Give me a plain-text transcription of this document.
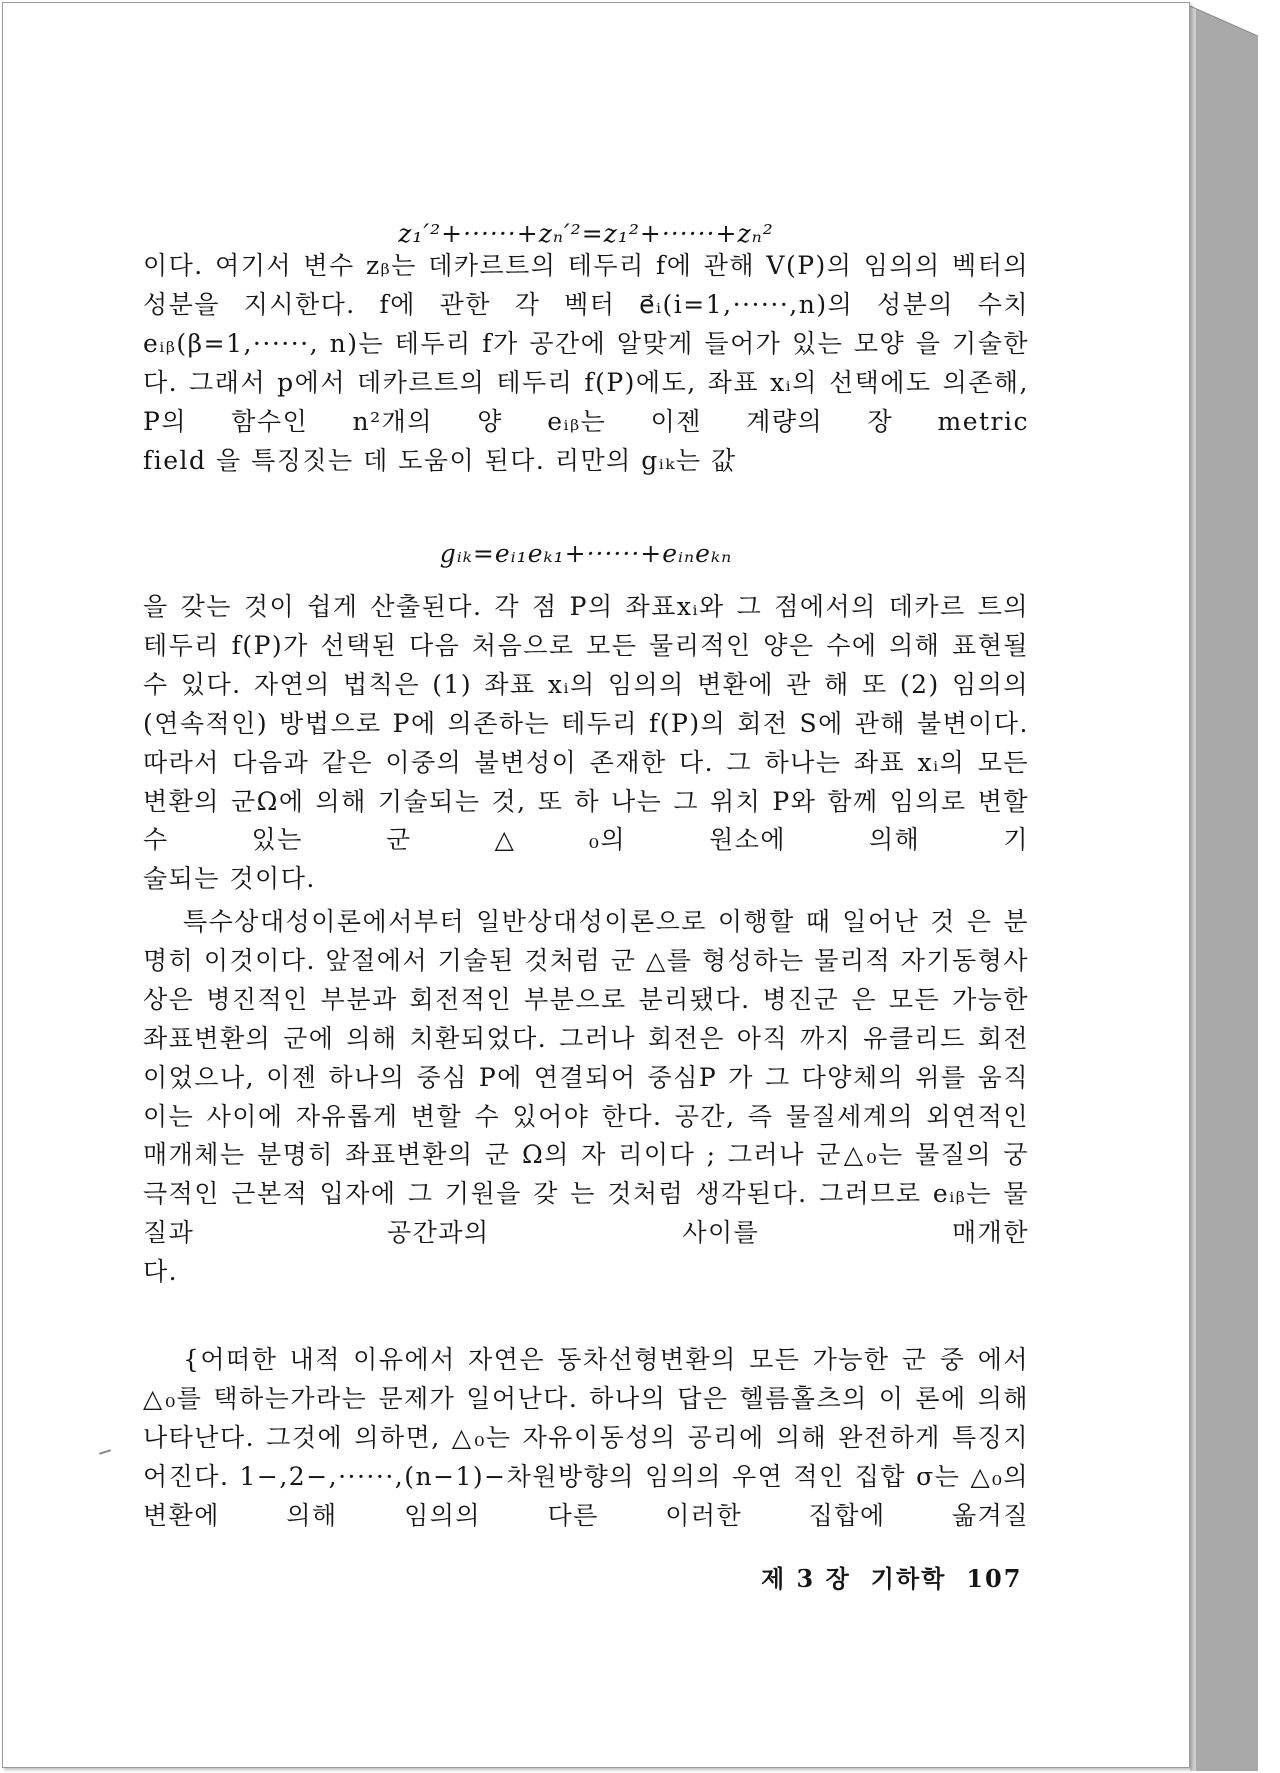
z₁′²+······+zₙ′²=z₁²+······+zₙ²

이다. 여기서 변수 zᵦ는 데카르트의 테두리 f에 관해 V(P)의 임의의 벡터의 성분을 지시한다. f에 관한 각 벡터 e⃗ᵢ(i=1,······,n)의 성분의 수치 eᵢᵦ(β=1,······, n)는 테두리 f가 공간에 알맞게 들어가 있는 모양 을 기술한다. 그래서 p에서 데카르트의 테두리 f(P)에도, 좌표 xᵢ의 선택에도 의존해, P의 함수인 n²개의 양 eᵢᵦ는 이젠 계량의 장 metric
field 을 특징짓는 데 도움이 된다. 리만의 gᵢₖ는 값

gᵢₖ=eᵢ₁eₖ₁+······+eᵢₙeₖₙ

을 갖는 것이 쉽게 산출된다. 각 점 P의 좌표xᵢ와 그 점에서의 데카르 트의 테두리 f(P)가 선택된 다음 처음으로 모든 물리적인 양은 수에 의해 표현될 수 있다. 자연의 법칙은 (1) 좌표 xᵢ의 임의의 변환에 관 해 또 (2) 임의의 (연속적인) 방법으로 P에 의존하는 테두리 f(P)의 회전 S에 관해 불변이다. 따라서 다음과 같은 이중의 불변성이 존재한 다. 그 하나는 좌표 xᵢ의 모든 변환의 군Ω에 의해 기술되는 것, 또 하 나는 그 위치 P와 함께 임의로 변할 수 있는 군 △₀의 원소에 의해 기
술되는 것이다.

특수상대성이론에서부터 일반상대성이론으로 이행할 때 일어난 것 은 분명히 이것이다. 앞절에서 기술된 것처럼 군 △를 형성하는 물리적 자기동형사상은 병진적인 부분과 회전적인 부분으로 분리됐다. 병진군 은 모든 가능한 좌표변환의 군에 의해 치환되었다. 그러나 회전은 아직 까지 유클리드 회전이었으나, 이젠 하나의 중심 P에 연결되어 중심P 가 그 다양체의 위를 움직이는 사이에 자유롭게 변할 수 있어야 한다. 공간, 즉 물질세계의 외연적인 매개체는 분명히 좌표변환의 군 Ω의 자 리이다 ; 그러나 군△₀는 물질의 궁극적인 근본적 입자에 그 기원을 갖 는 것처럼 생각된다. 그러므로 eᵢᵦ는 물질과 공간과의 사이를 매개한
다.

{어떠한 내적 이유에서 자연은 동차선형변환의 모든 가능한 군 중 에서 △₀를 택하는가라는 문제가 일어난다. 하나의 답은 헬름홀츠의 이 론에 의해 나타난다. 그것에 의하면, △₀는 자유이동성의 공리에 의해 완전하게 특징지어진다. 1−,2−,······,(n−1)−차원방향의 임의의 우연 적인 집합 σ는 △₀의 변환에 의해 임의의 다른 이러한 집합에 옮겨질

제 3 장 기하학 107
